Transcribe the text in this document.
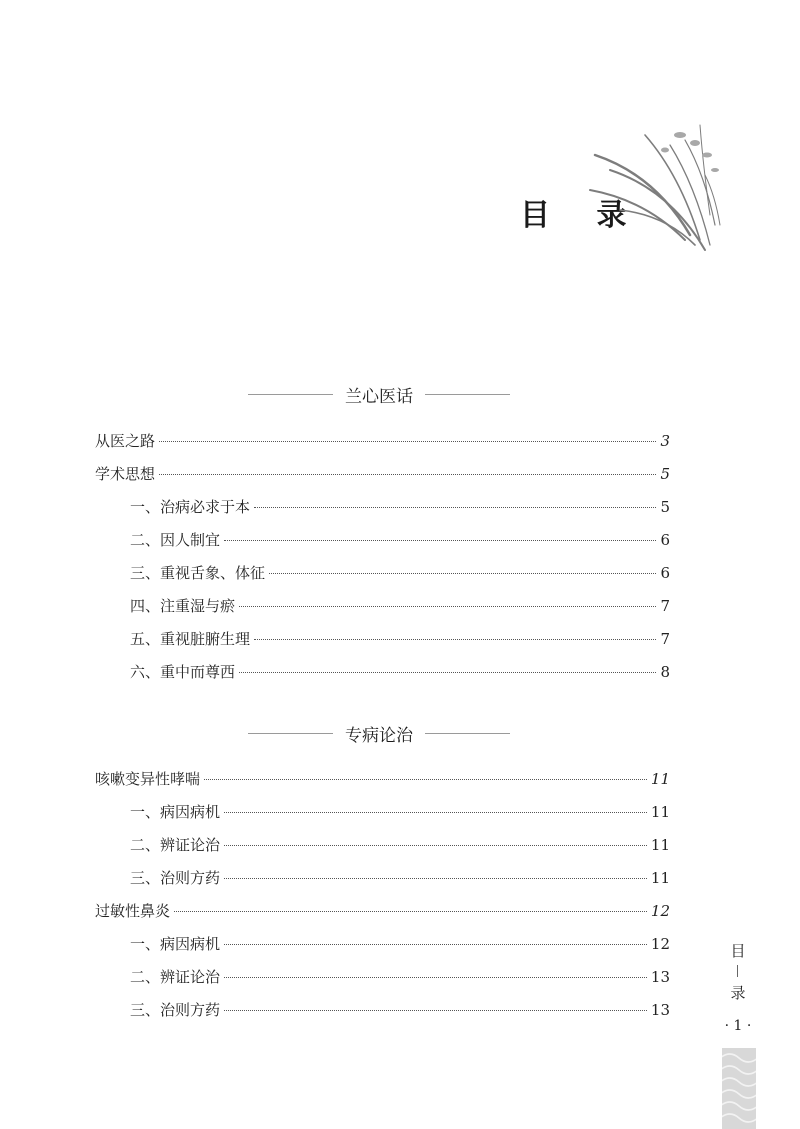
目 录
兰心医话
从医之路	3
学术思想	5
一、治病必求于本	5
二、因人制宜	6
三、重视舌象、体征	6
四、注重湿与瘀	7
五、重视脏腑生理	7
六、重中而尊西	8
专病论治
咳嗽变异性哮喘	11
一、病因病机	11
二、辨证论治	11
三、治则方药	11
过敏性鼻炎	12
一、病因病机	12
二、辨证论治	13
三、治则方药	13
目
录
· 1 ·
